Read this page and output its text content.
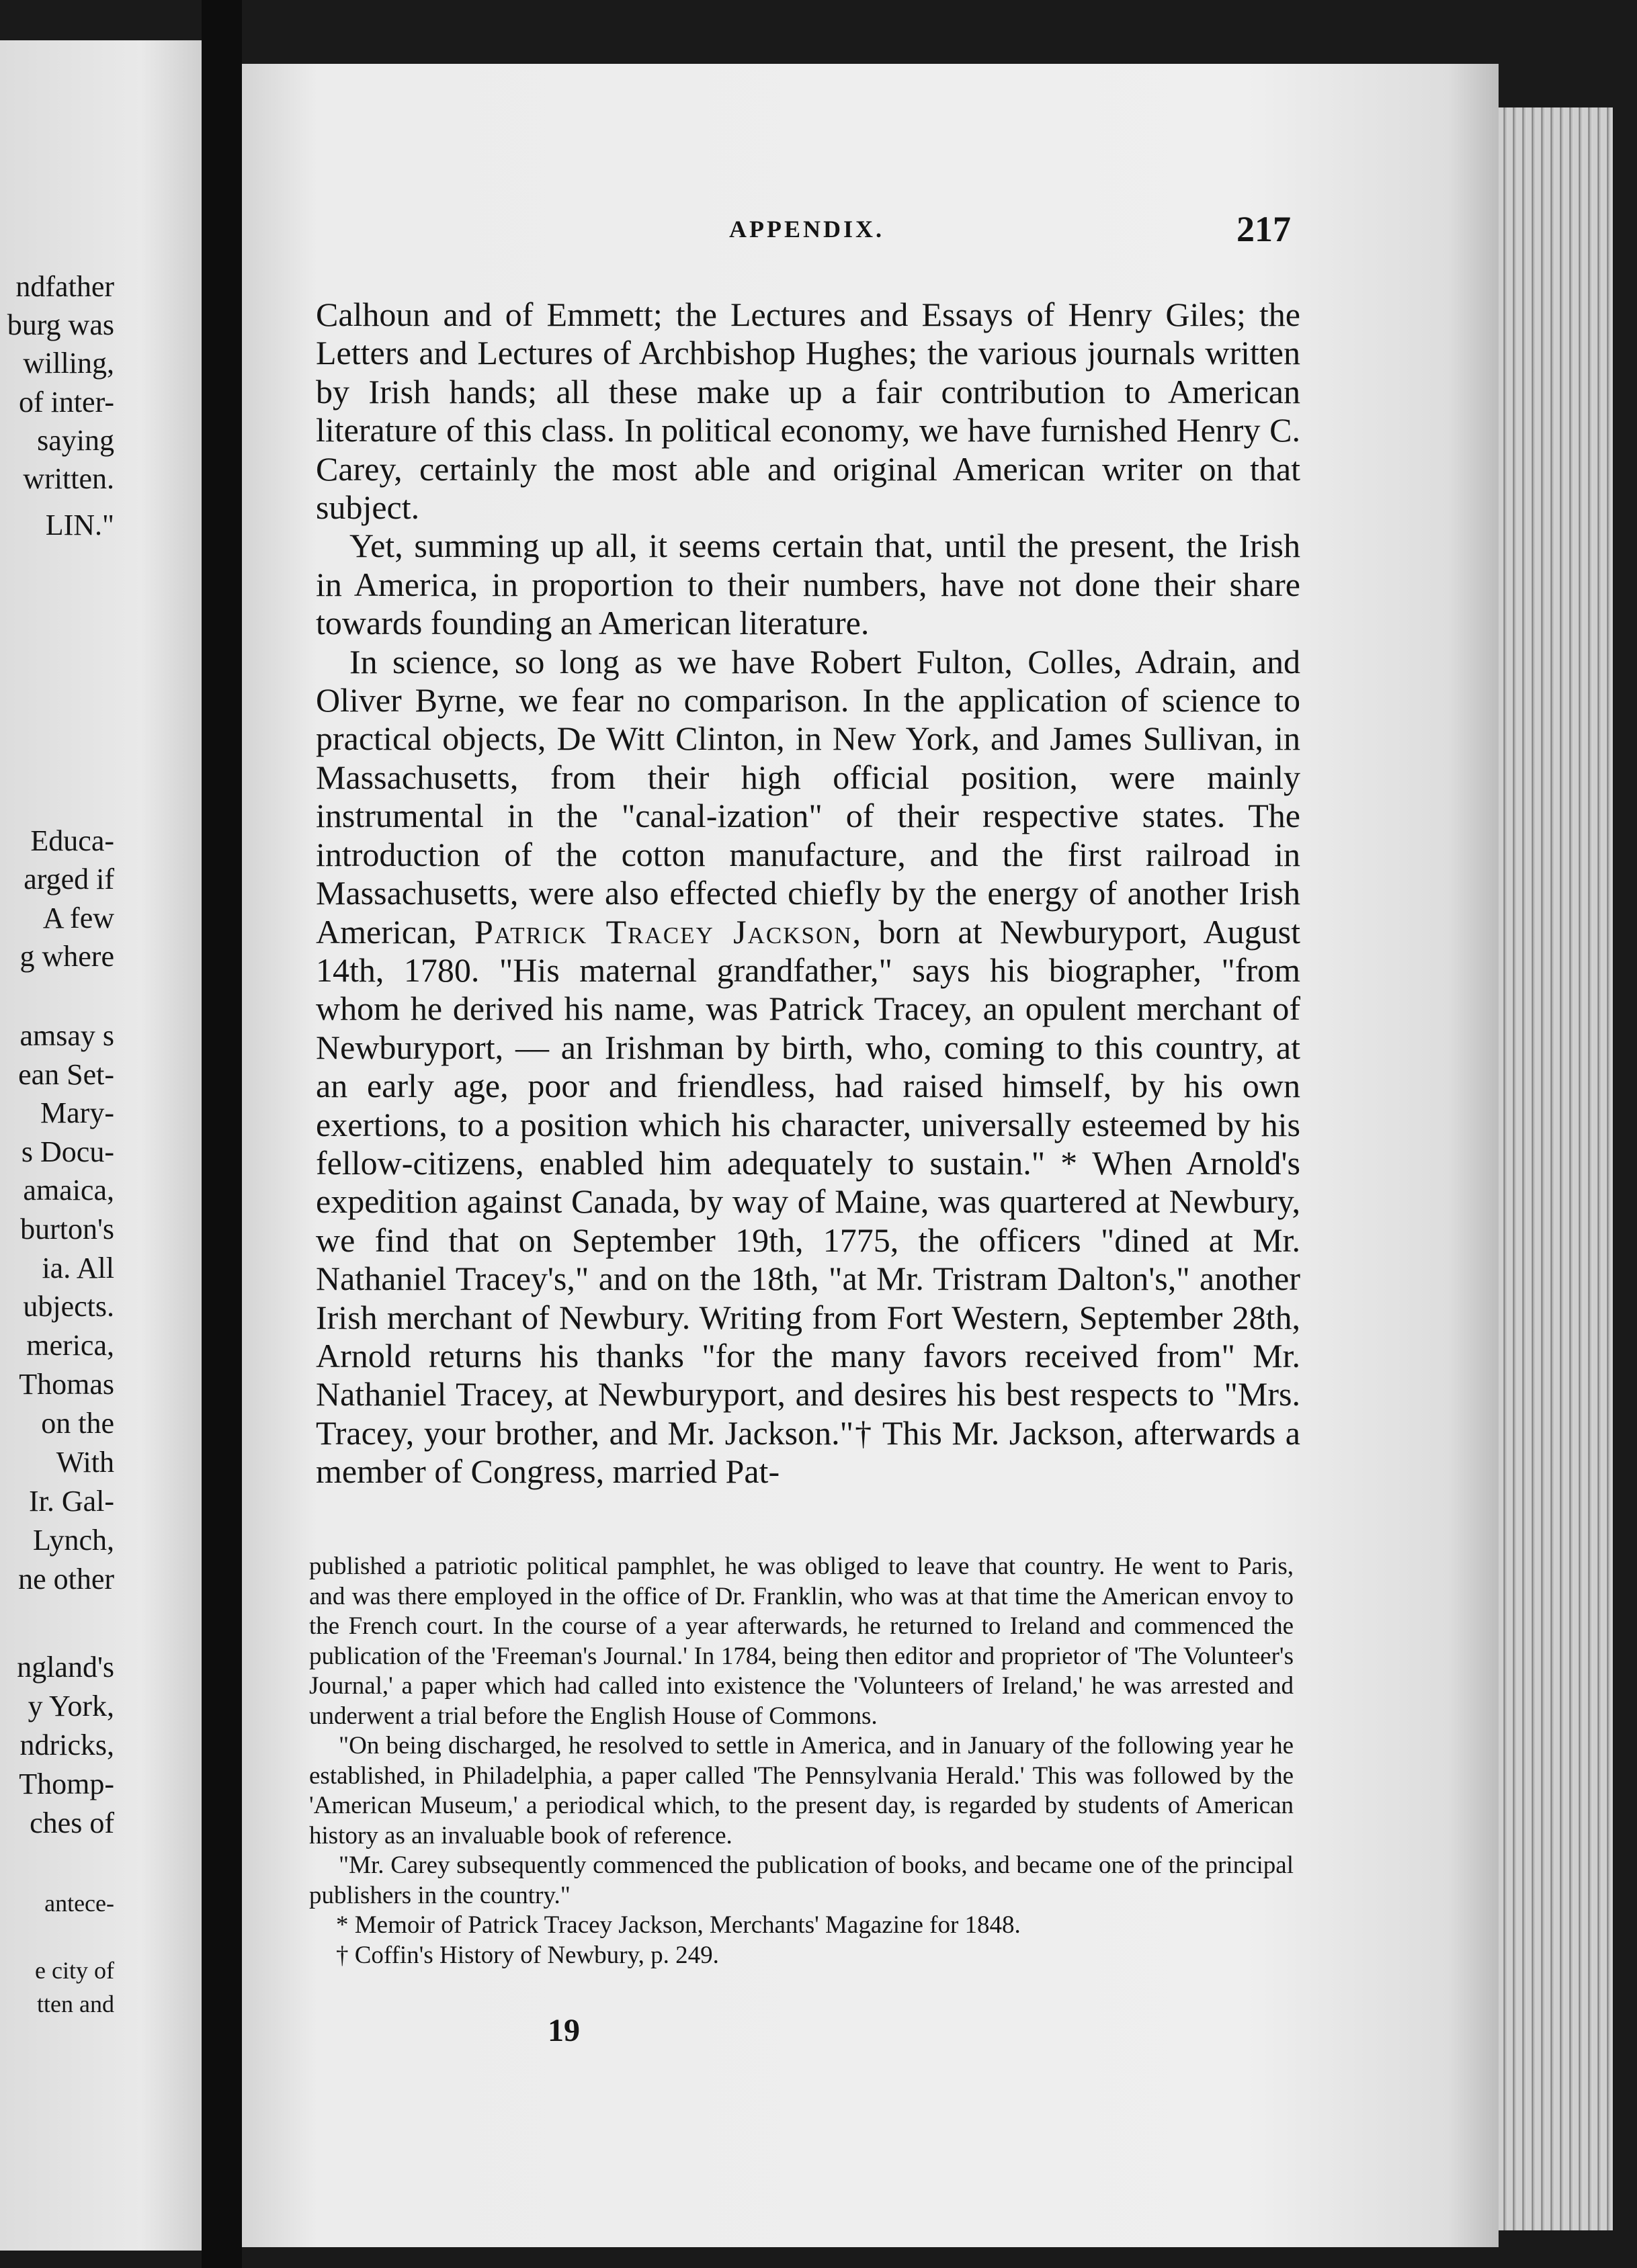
ndfather
burg was
willing,
of inter-
saying
written.
LIN."
Educa-
arged if
A few
g where
amsay s
ean Set-
Mary-
s Docu-
amaica,
burton's
ia. All
ubjects.
merica,
Thomas
on the
With
Ir. Gal-
Lynch,
ne other
ngland's
y York,
ndricks,
Thomp-
ches of
antece-
e city of
tten and
APPENDIX.	217

Calhoun and of Emmett; the Lectures and Essays of Henry Giles; the Letters and Lectures of Archbishop Hughes; the various journals written by Irish hands; all these make up a fair contribution to American literature of this class. In political economy, we have furnished Henry C. Carey, certainly the most able and original American writer on that subject.

Yet, summing up all, it seems certain that, until the present, the Irish in America, in proportion to their numbers, have not done their share towards founding an American literature.

In science, so long as we have Robert Fulton, Colles, Adrain, and Oliver Byrne, we fear no comparison. In the application of science to practical objects, De Witt Clinton, in New York, and James Sullivan, in Massachusetts, from their high official position, were mainly instrumental in the "canal-ization" of their respective states. The introduction of the cotton manufacture, and the first railroad in Massachusetts, were also effected chiefly by the energy of another Irish American, Patrick Tracey Jackson, born at Newburyport, August 14th, 1780. "His maternal grandfather," says his biographer, "from whom he derived his name, was Patrick Tracey, an opulent merchant of Newburyport, — an Irishman by birth, who, coming to this country, at an early age, poor and friendless, had raised himself, by his own exertions, to a position which his character, universally esteemed by his fellow-citizens, enabled him adequately to sustain." * When Arnold's expedition against Canada, by way of Maine, was quartered at Newbury, we find that on September 19th, 1775, the officers "dined at Mr. Nathaniel Tracey's," and on the 18th, "at Mr. Tristram Dalton's," another Irish merchant of Newbury. Writing from Fort Western, September 28th, Arnold returns his thanks "for the many favors received from" Mr. Nathaniel Tracey, at Newburyport, and desires his best respects to "Mrs. Tracey, your brother, and Mr. Jackson."† This Mr. Jackson, afterwards a member of Congress, married Pat-

published a patriotic political pamphlet, he was obliged to leave that country. He went to Paris, and was there employed in the office of Dr. Franklin, who was at that time the American envoy to the French court. In the course of a year afterwards, he returned to Ireland and commenced the publication of the 'Freeman's Journal.' In 1784, being then editor and proprietor of 'The Volunteer's Journal,' a paper which had called into existence the 'Volunteers of Ireland,' he was arrested and underwent a trial before the English House of Commons.

"On being discharged, he resolved to settle in America, and in January of the following year he established, in Philadelphia, a paper called 'The Pennsylvania Herald.' This was followed by the 'American Museum,' a periodical which, to the present day, is regarded by students of American history as an invaluable book of reference.

"Mr. Carey subsequently commenced the publication of books, and became one of the principal publishers in the country."

* Memoir of Patrick Tracey Jackson, Merchants' Magazine for 1848.

† Coffin's History of Newbury, p. 249.

19
